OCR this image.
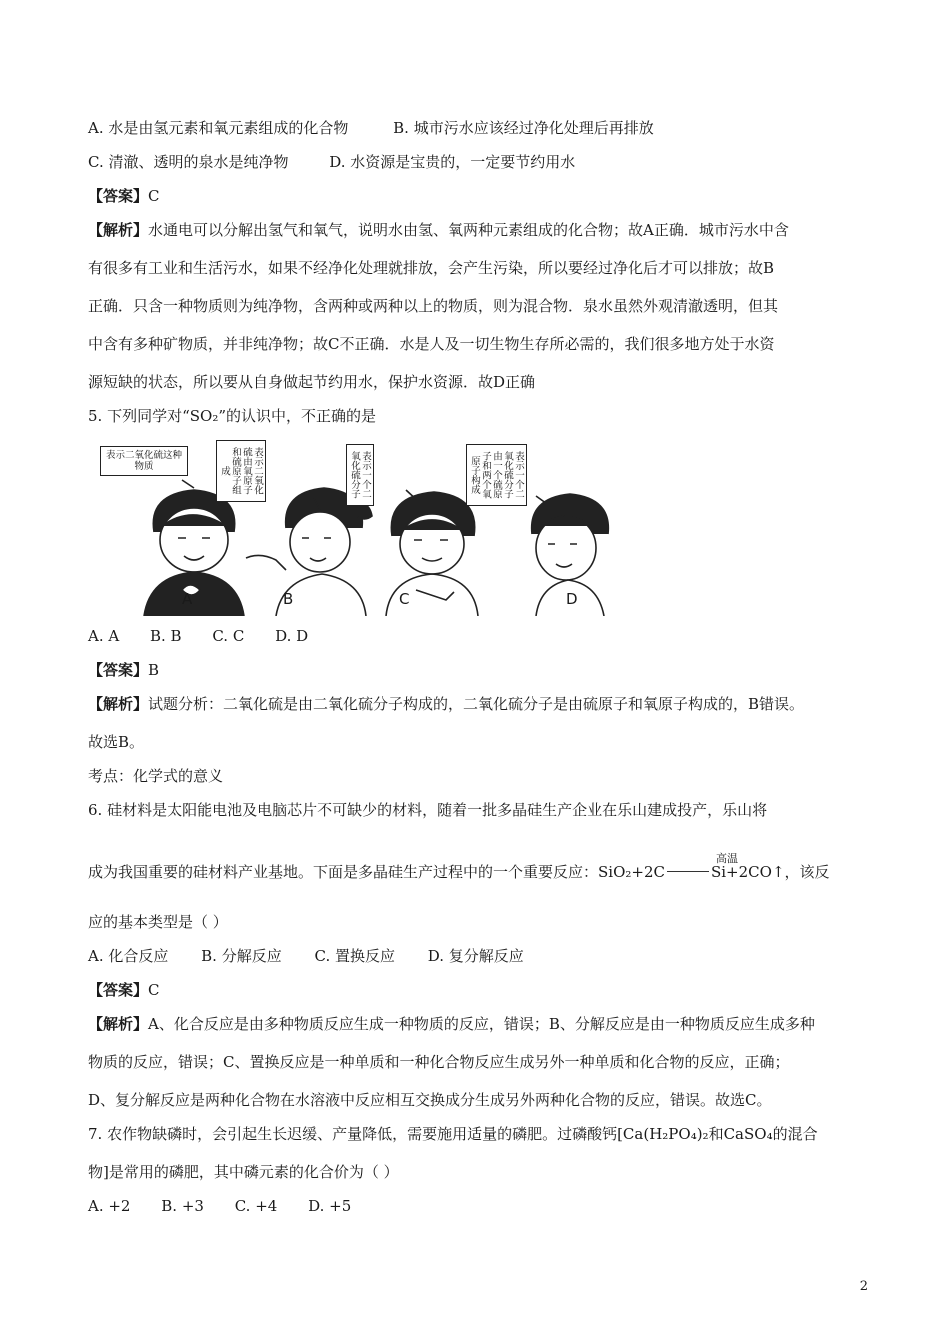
A. 水是由氢元素和氧元素组成的化合物	B. 城市污水应该经过净化处理后再排放
C. 清澈、透明的泉水是纯净物	D. 水资源是宝贵的，一定要节约用水
【答案】C
【解析】水通电可以分解出氢气和氧气，说明水由氢、氧两种元素组成的化合物；故A正确．城市污水中含
有很多有工业和生活污水，如果不经净化处理就排放，会产生污染，所以要经过净化后才可以排放；故B
正确．只含一种物质则为纯净物，含两种或两种以上的物质，则为混合物．泉水虽然外观清澈透明，但其
中含有多种矿物质，并非纯净物；故C不正确．水是人及一切生物生存所必需的，我们很多地方处于水资
源短缺的状态，所以要从自身做起节约用水，保护水资源．故D正确
5. 下列同学对“SO₂”的认识中，不正确的是
表示二氧化硫这种物质	表示二氧化硫由氧原子和硫原子组成	表示一个二氧化硫分子	表示一个二氧化硫分子由一个硫原子和两个氧原子构成
A	B	C	D
A. A B. B C. C D. D
【答案】B
【解析】试题分析：二氧化硫是由二氧化硫分子构成的，二氧化硫分子是由硫原子和氧原子构成的，B错误。
故选B。
考点：化学式的意义
6. 硅材料是太阳能电池及电脑芯片不可缺少的材料，随着一批多晶硅生产企业在乐山建成投产，乐山将
高温
成为我国重要的硅材料产业基地。下面是多晶硅生产过程中的一个重要反应：SiO₂+2C	Si+2CO↑，该反
应的基本类型是（ ）
A. 化合反应 B. 分解反应 C. 置换反应 D. 复分解反应
【答案】C
【解析】A、化合反应是由多种物质反应生成一种物质的反应，错误；B、分解反应是由一种物质反应生成多种
物质的反应，错误；C、置换反应是一种单质和一种化合物反应生成另外一种单质和化合物的反应，正确；
D、复分解反应是两种化合物在水溶液中反应相互交换成分生成另外两种化合物的反应，错误。故选C。
7. 农作物缺磷时，会引起生长迟缓、产量降低，需要施用适量的磷肥。过磷酸钙[Ca(H₂PO₄)₂和CaSO₄的混合
物]是常用的磷肥，其中磷元素的化合价为（ ）
A. +2 B. +3 C. +4 D. +5
2
